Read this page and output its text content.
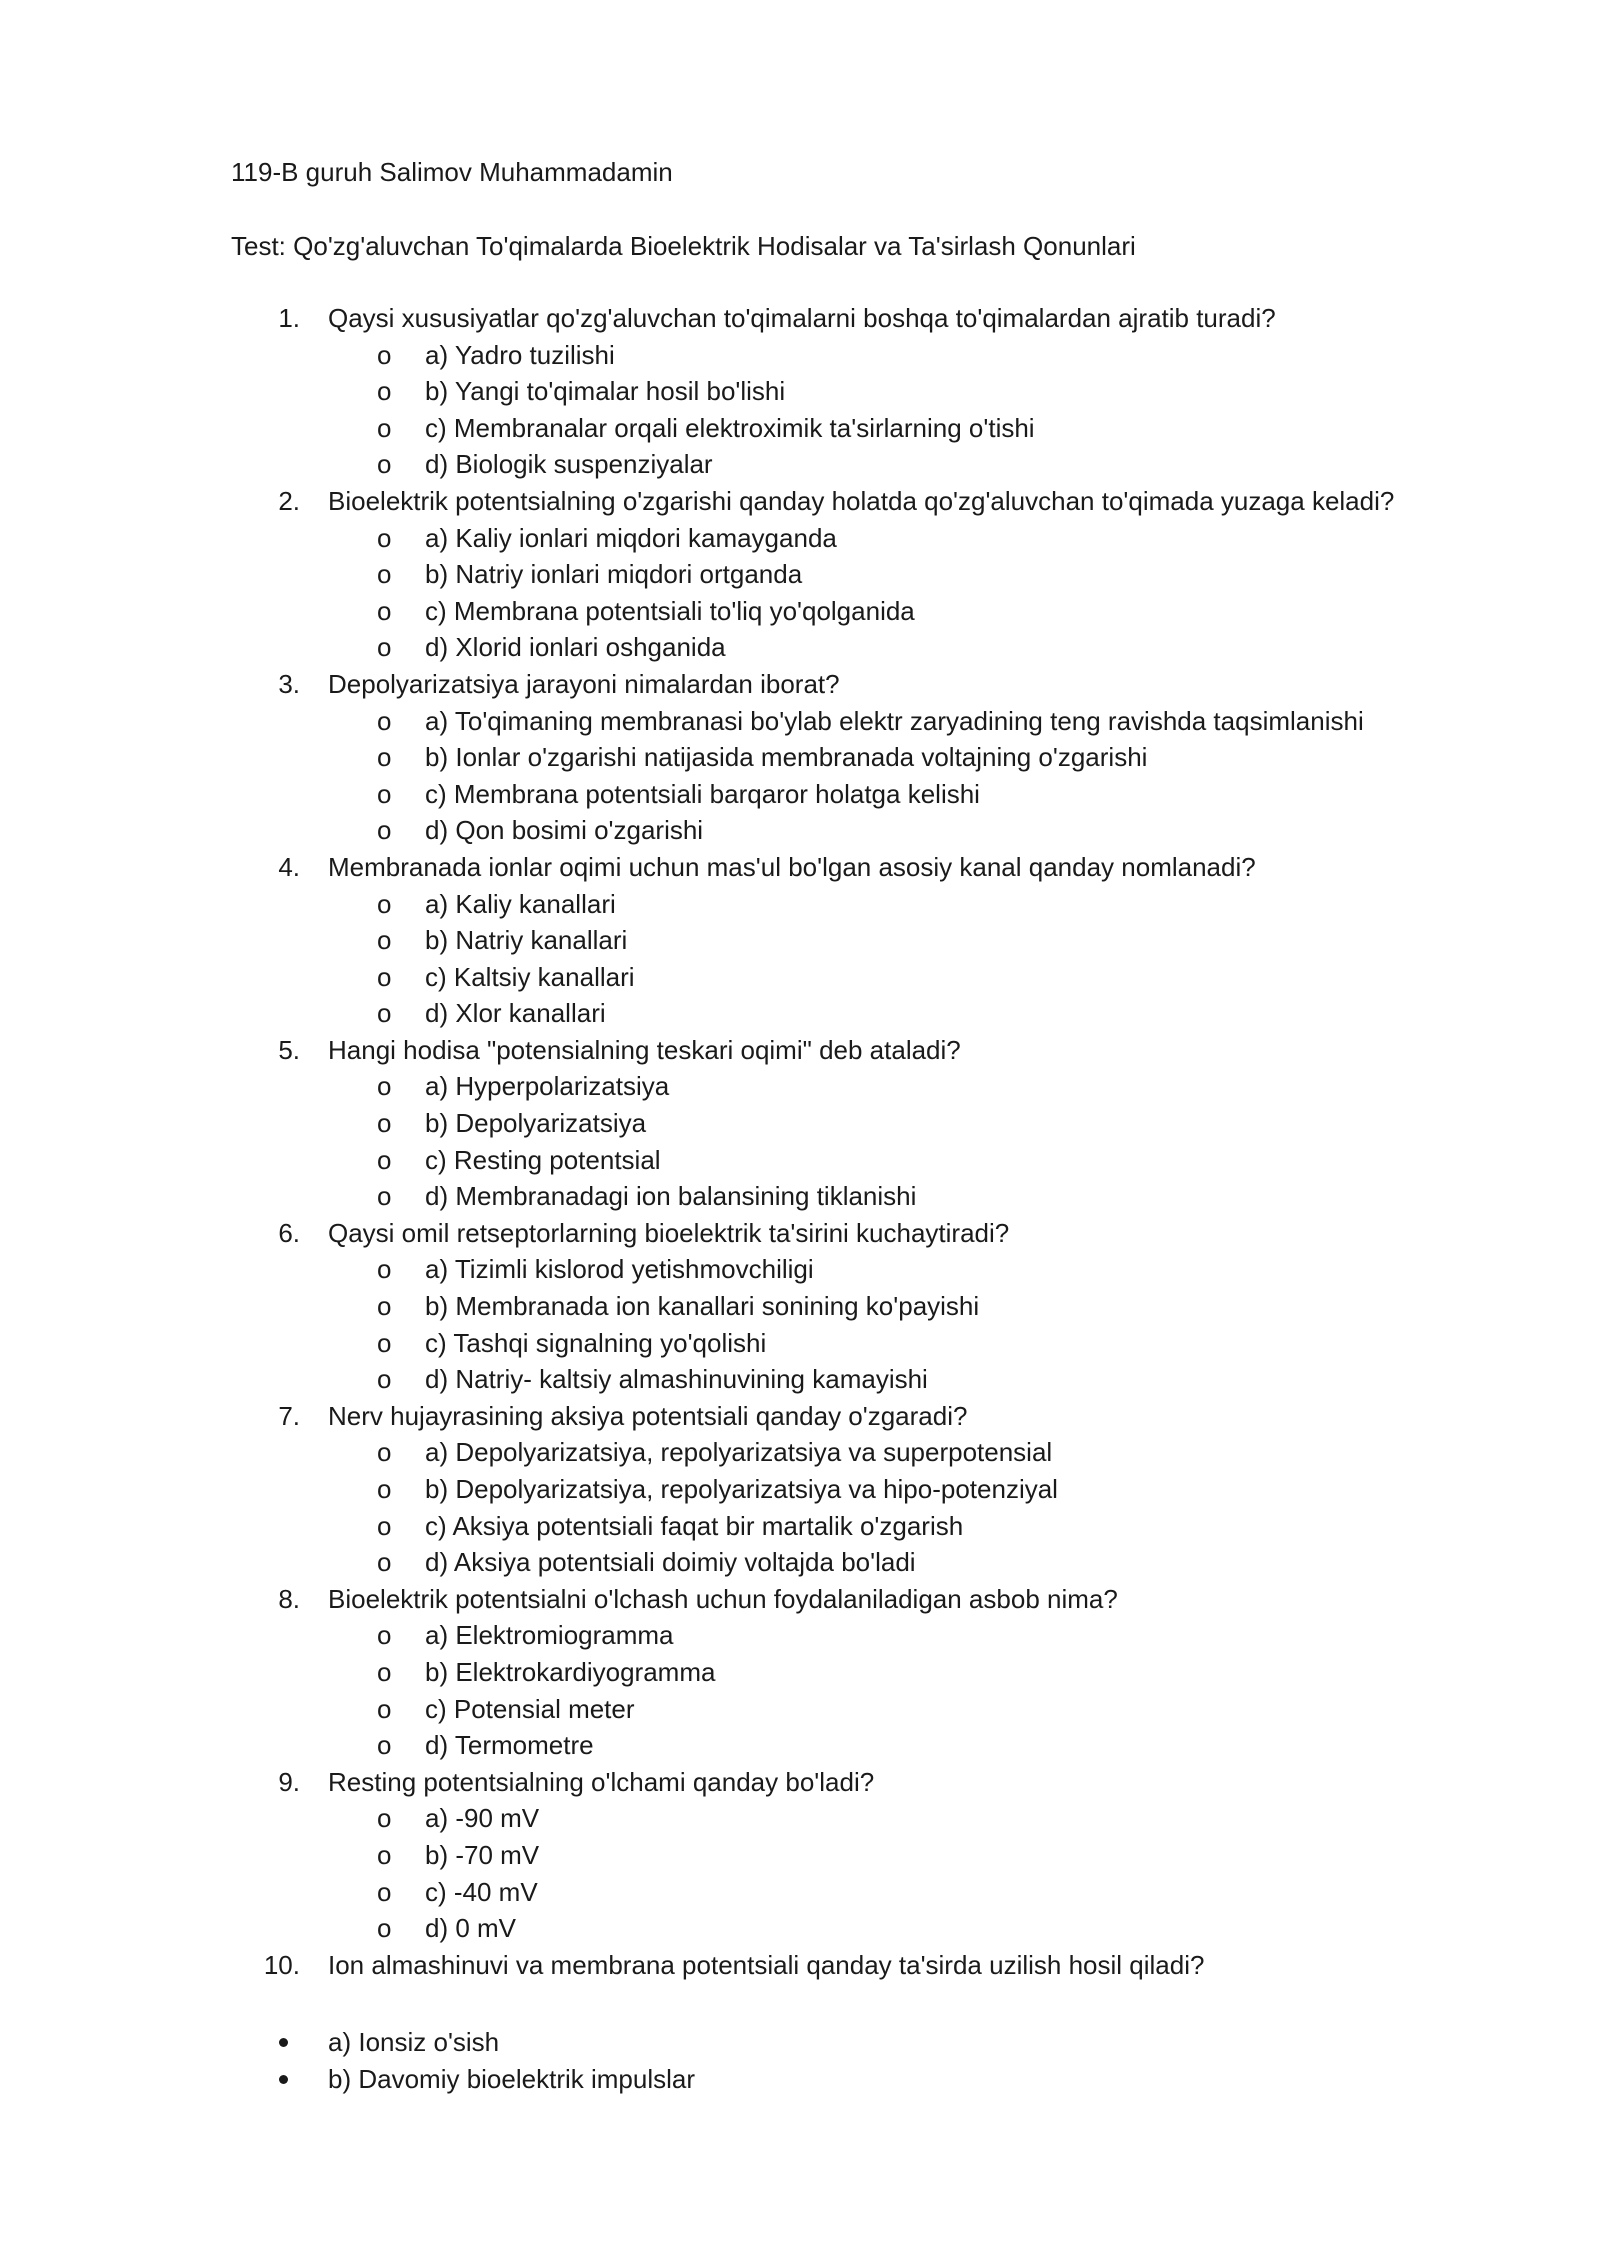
119-B guruh Salimov Muhammadamin
Test: Qo'zg'aluvchan To'qimalarda Bioelektrik Hodisalar va Ta'sirlash Qonunlari
1. Qaysi xususiyatlar qo'zg'aluvchan to'qimalarni boshqa to'qimalardan ajratib turadi?
o a) Yadro tuzilishi
o b) Yangi to'qimalar hosil bo'lishi
o c) Membranalar orqali elektroximik ta'sirlarning o'tishi
o d) Biologik suspenziyalar
2. Bioelektrik potentsialning o'zgarishi qanday holatda qo'zg'aluvchan to'qimada yuzaga keladi?
o a) Kaliy ionlari miqdori kamayganda
o b) Natriy ionlari miqdori ortganda
o c) Membrana potentsiali to'liq yo'qolganida
o d) Xlorid ionlari oshganida
3. Depolyarizatsiya jarayoni nimalardan iborat?
o a) To'qimaning membranasi bo'ylab elektr zaryadining teng ravishda taqsimlanishi
o b) Ionlar o'zgarishi natijasida membranada voltajning o'zgarishi
o c) Membrana potentsiali barqaror holatga kelishi
o d) Qon bosimi o'zgarishi
4. Membranada ionlar oqimi uchun mas'ul bo'lgan asosiy kanal qanday nomlanadi?
o a) Kaliy kanallari
o b) Natriy kanallari
o c) Kaltsiy kanallari
o d) Xlor kanallari
5. Hangi hodisa "potensialning teskari oqimi" deb ataladi?
o a) Hyperpolarizatsiya
o b) Depolyarizatsiya
o c) Resting potentsial
o d) Membranadagi ion balansining tiklanishi
6. Qaysi omil retseptorlarning bioelektrik ta'sirini kuchaytiradi?
o a) Tizimli kislorod yetishmovchiligi
o b) Membranada ion kanallari sonining ko'payishi
o c) Tashqi signalning yo'qolishi
o d) Natriy- kaltsiy almashinuvining kamayishi
7. Nerv hujayrasining aksiya potentsiali qanday o'zgaradi?
o a) Depolyarizatsiya, repolyarizatsiya va superpotensial
o b) Depolyarizatsiya, repolyarizatsiya va hipo-potenziyal
o c) Aksiya potentsiali faqat bir martalik o'zgarish
o d) Aksiya potentsiali doimiy voltajda bo'ladi
8. Bioelektrik potentsialni o'lchash uchun foydalaniladigan asbob nima?
o a) Elektromiogramma
o b) Elektrokardiyogramma
o c) Potensial meter
o d) Termometre
9. Resting potentsialning o'lchami qanday bo'ladi?
o a) -90 mV
o b) -70 mV
o c) -40 mV
o d) 0 mV
10. Ion almashinuvi va membrana potentsiali qanday ta'sirda uzilish hosil qiladi?
a) Ionsiz o'sish
b) Davomiy bioelektrik impulslar
